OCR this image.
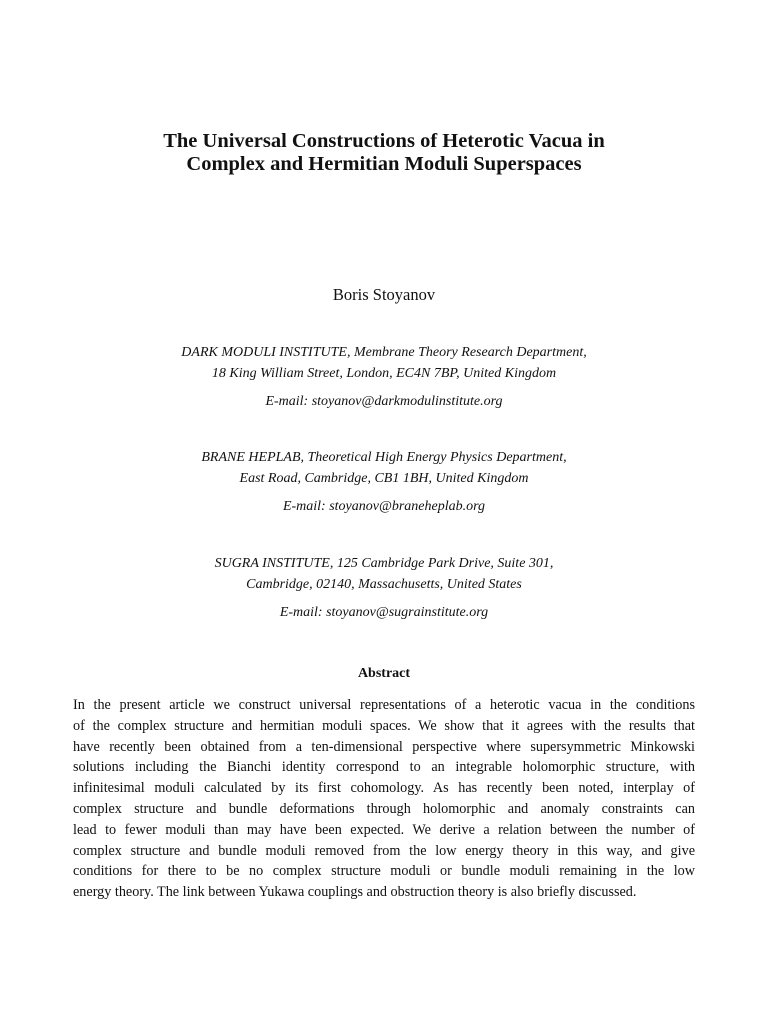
The Universal Constructions of Heterotic Vacua in
Complex and Hermitian Moduli Superspaces
Boris Stoyanov
DARK MODULI INSTITUTE, Membrane Theory Research Department,
18 King William Street, London, EC4N 7BP, United Kingdom
E-mail: stoyanov@darkmodulinstitute.org
BRANE HEPLAB, Theoretical High Energy Physics Department,
East Road, Cambridge, CB1 1BH, United Kingdom
E-mail: stoyanov@braneheplab.org
SUGRA INSTITUTE, 125 Cambridge Park Drive, Suite 301,
Cambridge, 02140, Massachusetts, United States
E-mail: stoyanov@sugrainstitute.org
Abstract
In the present article we construct universal representations of a heterotic vacua in the conditions
of the complex structure and hermitian moduli spaces. We show that it agrees with the results that
have recently been obtained from a ten-dimensional perspective where supersymmetric Minkowski
solutions including the Bianchi identity correspond to an integrable holomorphic structure, with
infinitesimal moduli calculated by its first cohomology. As has recently been noted, interplay of
complex structure and bundle deformations through holomorphic and anomaly constraints can
lead to fewer moduli than may have been expected. We derive a relation between the number of
complex structure and bundle moduli removed from the low energy theory in this way, and give
conditions for there to be no complex structure moduli or bundle moduli remaining in the low
energy theory. The link between Yukawa couplings and obstruction theory is also briefly discussed.
